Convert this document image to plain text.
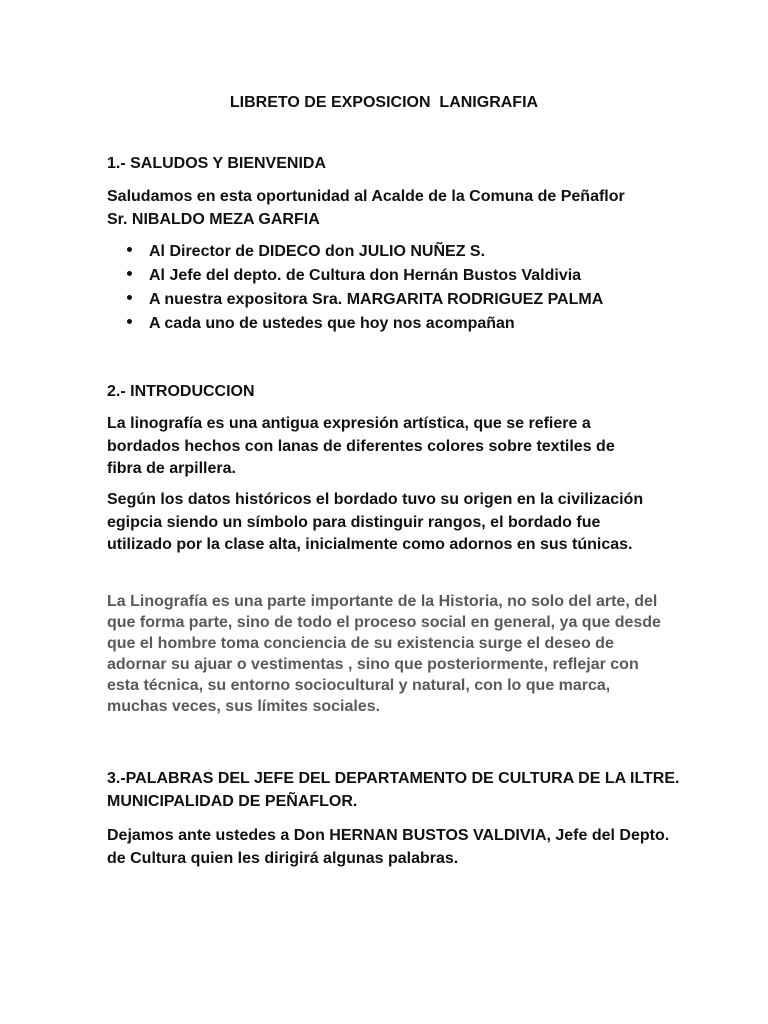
LIBRETO DE EXPOSICION  LANIGRAFIA
1.- SALUDOS Y BIENVENIDA
Saludamos en esta oportunidad al Acalde de la Comuna de Peñaflor Sr. NIBALDO MEZA GARFIA
Al Director de DIDECO don JULIO NUÑEZ S.
Al Jefe del depto. de Cultura don Hernán Bustos Valdivia
A nuestra expositora Sra. MARGARITA RODRIGUEZ PALMA
A cada uno de ustedes que hoy nos acompañan
2.- INTRODUCCION
La linografía es una antigua expresión artística, que se refiere a bordados hechos con lanas de diferentes colores sobre textiles de fibra de arpillera.
Según los datos históricos el bordado tuvo su origen en la civilización egipcia siendo un símbolo para distinguir rangos, el bordado fue utilizado por la clase alta, inicialmente como adornos en sus túnicas.
La Linografía es una parte importante de la Historia, no solo del arte, del que forma parte, sino de todo el proceso social en general, ya que desde que el hombre toma conciencia de su existencia surge el deseo de adornar su ajuar o vestimentas , sino que posteriormente, reflejar con esta técnica, su entorno sociocultural y natural, con lo que marca, muchas veces, sus límites sociales.
3.-PALABRAS DEL JEFE DEL DEPARTAMENTO DE CULTURA DE LA ILTRE. MUNICIPALIDAD DE PEÑAFLOR.
Dejamos ante ustedes a Don HERNAN BUSTOS VALDIVIA, Jefe del Depto. de Cultura quien les dirigirá algunas palabras.
